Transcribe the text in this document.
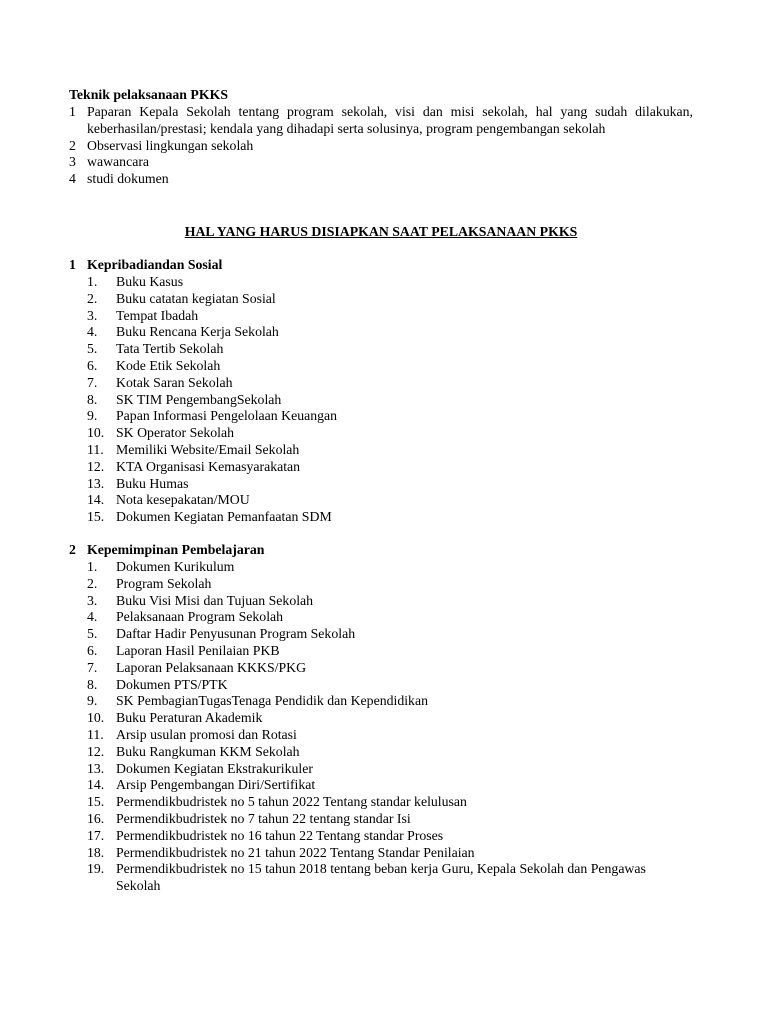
Teknik pelaksanaan PKKS
1 Paparan Kepala Sekolah tentang program sekolah, visi dan misi sekolah, hal yang sudah dilakukan, keberhasilan/prestasi; kendala yang dihadapi serta solusinya, program pengembangan sekolah
2 Observasi lingkungan sekolah
3 wawancara
4 studi dokumen
HAL YANG HARUS DISIAPKAN SAAT PELAKSANAAN PKKS
1 Kepribadiandan Sosial
1. Buku Kasus
2. Buku catatan kegiatan Sosial
3. Tempat Ibadah
4. Buku Rencana Kerja Sekolah
5. Tata Tertib Sekolah
6. Kode Etik Sekolah
7. Kotak Saran Sekolah
8. SK TIM PengembangSekolah
9. Papan Informasi Pengelolaan Keuangan
10. SK Operator Sekolah
11. Memiliki Website/Email Sekolah
12. KTA Organisasi Kemasyarakatan
13. Buku Humas
14. Nota kesepakatan/MOU
15. Dokumen Kegiatan Pemanfaatan SDM
2 Kepemimpinan Pembelajaran
1. Dokumen Kurikulum
2. Program Sekolah
3. Buku Visi Misi dan Tujuan Sekolah
4. Pelaksanaan Program Sekolah
5. Daftar Hadir Penyusunan Program Sekolah
6. Laporan Hasil Penilaian PKB
7. Laporan Pelaksanaan KKKS/PKG
8. Dokumen PTS/PTK
9. SK PembagianTugasTenaga Pendidik dan Kependidikan
10. Buku Peraturan Akademik
11. Arsip usulan promosi dan Rotasi
12. Buku Rangkuman KKM Sekolah
13. Dokumen Kegiatan Ekstrakurikuler
14. Arsip Pengembangan Diri/Sertifikat
15. Permendikbudristek no 5 tahun 2022 Tentang standar kelulusan
16. Permendikbudristek no 7 tahun 22 tentang standar Isi
17. Permendikbudristek no 16 tahun 22 Tentang standar Proses
18. Permendikbudristek no 21 tahun 2022 Tentang Standar Penilaian
19. Permendikbudristek no 15 tahun 2018 tentang beban kerja Guru, Kepala Sekolah dan Pengawas Sekolah
